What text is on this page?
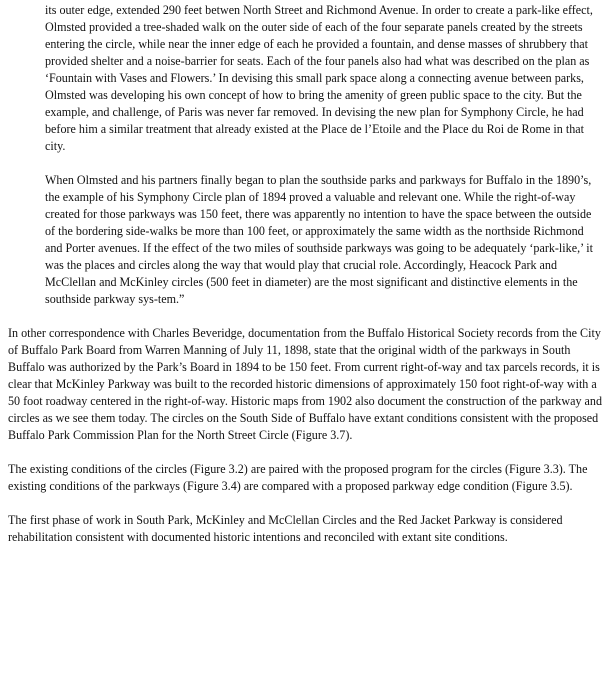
its outer edge, extended 290 feet betwen North Street and Richmond Avenue. In order to create a park-like effect, Olmsted provided a tree-shaded walk on the outer side of each of the four separate panels created by the streets entering the circle, while near the inner edge of each he provided a fountain, and dense masses of shrubbery that provided shelter and a noise-barrier for seats. Each of the four panels also had what was described on the plan as ‘Fountain with Vases and Flowers.’ In devising this small park space along a connecting avenue between parks, Olmsted was developing his own concept of how to bring the amenity of green public space to the city. But the example, and challenge, of Paris was never far removed. In devising the new plan for Symphony Circle, he had before him a similar treatment that already existed at the Place de l’Etoile and the Place du Roi de Rome in that city.

When Olmsted and his partners finally began to plan the southside parks and parkways for Buffalo in the 1890’s, the example of his Symphony Circle plan of 1894 proved a valuable and relevant one. While the right-of-way created for those parkways was 150 feet, there was apparently no intention to have the space between the outside of the bordering side-walks be more than 100 feet, or approximately the same width as the northside Richmond and Porter avenues. If the effect of the two miles of southside parkways was going to be adequately ‘park-like,’ it was the places and circles along the way that would play that crucial role. Accordingly, Heacock Park and McClellan and McKinley circles (500 feet in diameter) are the most significant and distinctive elements in the southside parkway sys-tem.”

In other correspondence with Charles Beveridge, documentation from the Buffalo Historical Society records from the City of Buffalo Park Board from Warren Manning of July 11, 1898, state that the original width of the parkways in South Buffalo was authorized by the Park’s Board in 1894 to be 150 feet. From current right-of-way and tax parcels records, it is clear that McKinley Parkway was built to the recorded historic dimensions of approximately 150 foot right-of-way with a 50 foot roadway centered in the right-of-way. Historic maps from 1902 also document the construction of the parkway and circles as we see them today. The circles on the South Side of Buffalo have extant conditions consistent with the proposed Buffalo Park Commission Plan for the North Street Circle (Figure 3.7).

The existing conditions of the circles (Figure 3.2) are paired with the proposed program for the circles (Figure 3.3). The existing conditions of the parkways (Figure 3.4) are compared with a proposed parkway edge condition (Figure 3.5).

The first phase of work in South Park, McKinley and McClellan Circles and the Red Jacket Parkway is considered rehabilitation consistent with documented historic intentions and reconciled with extant site conditions.
